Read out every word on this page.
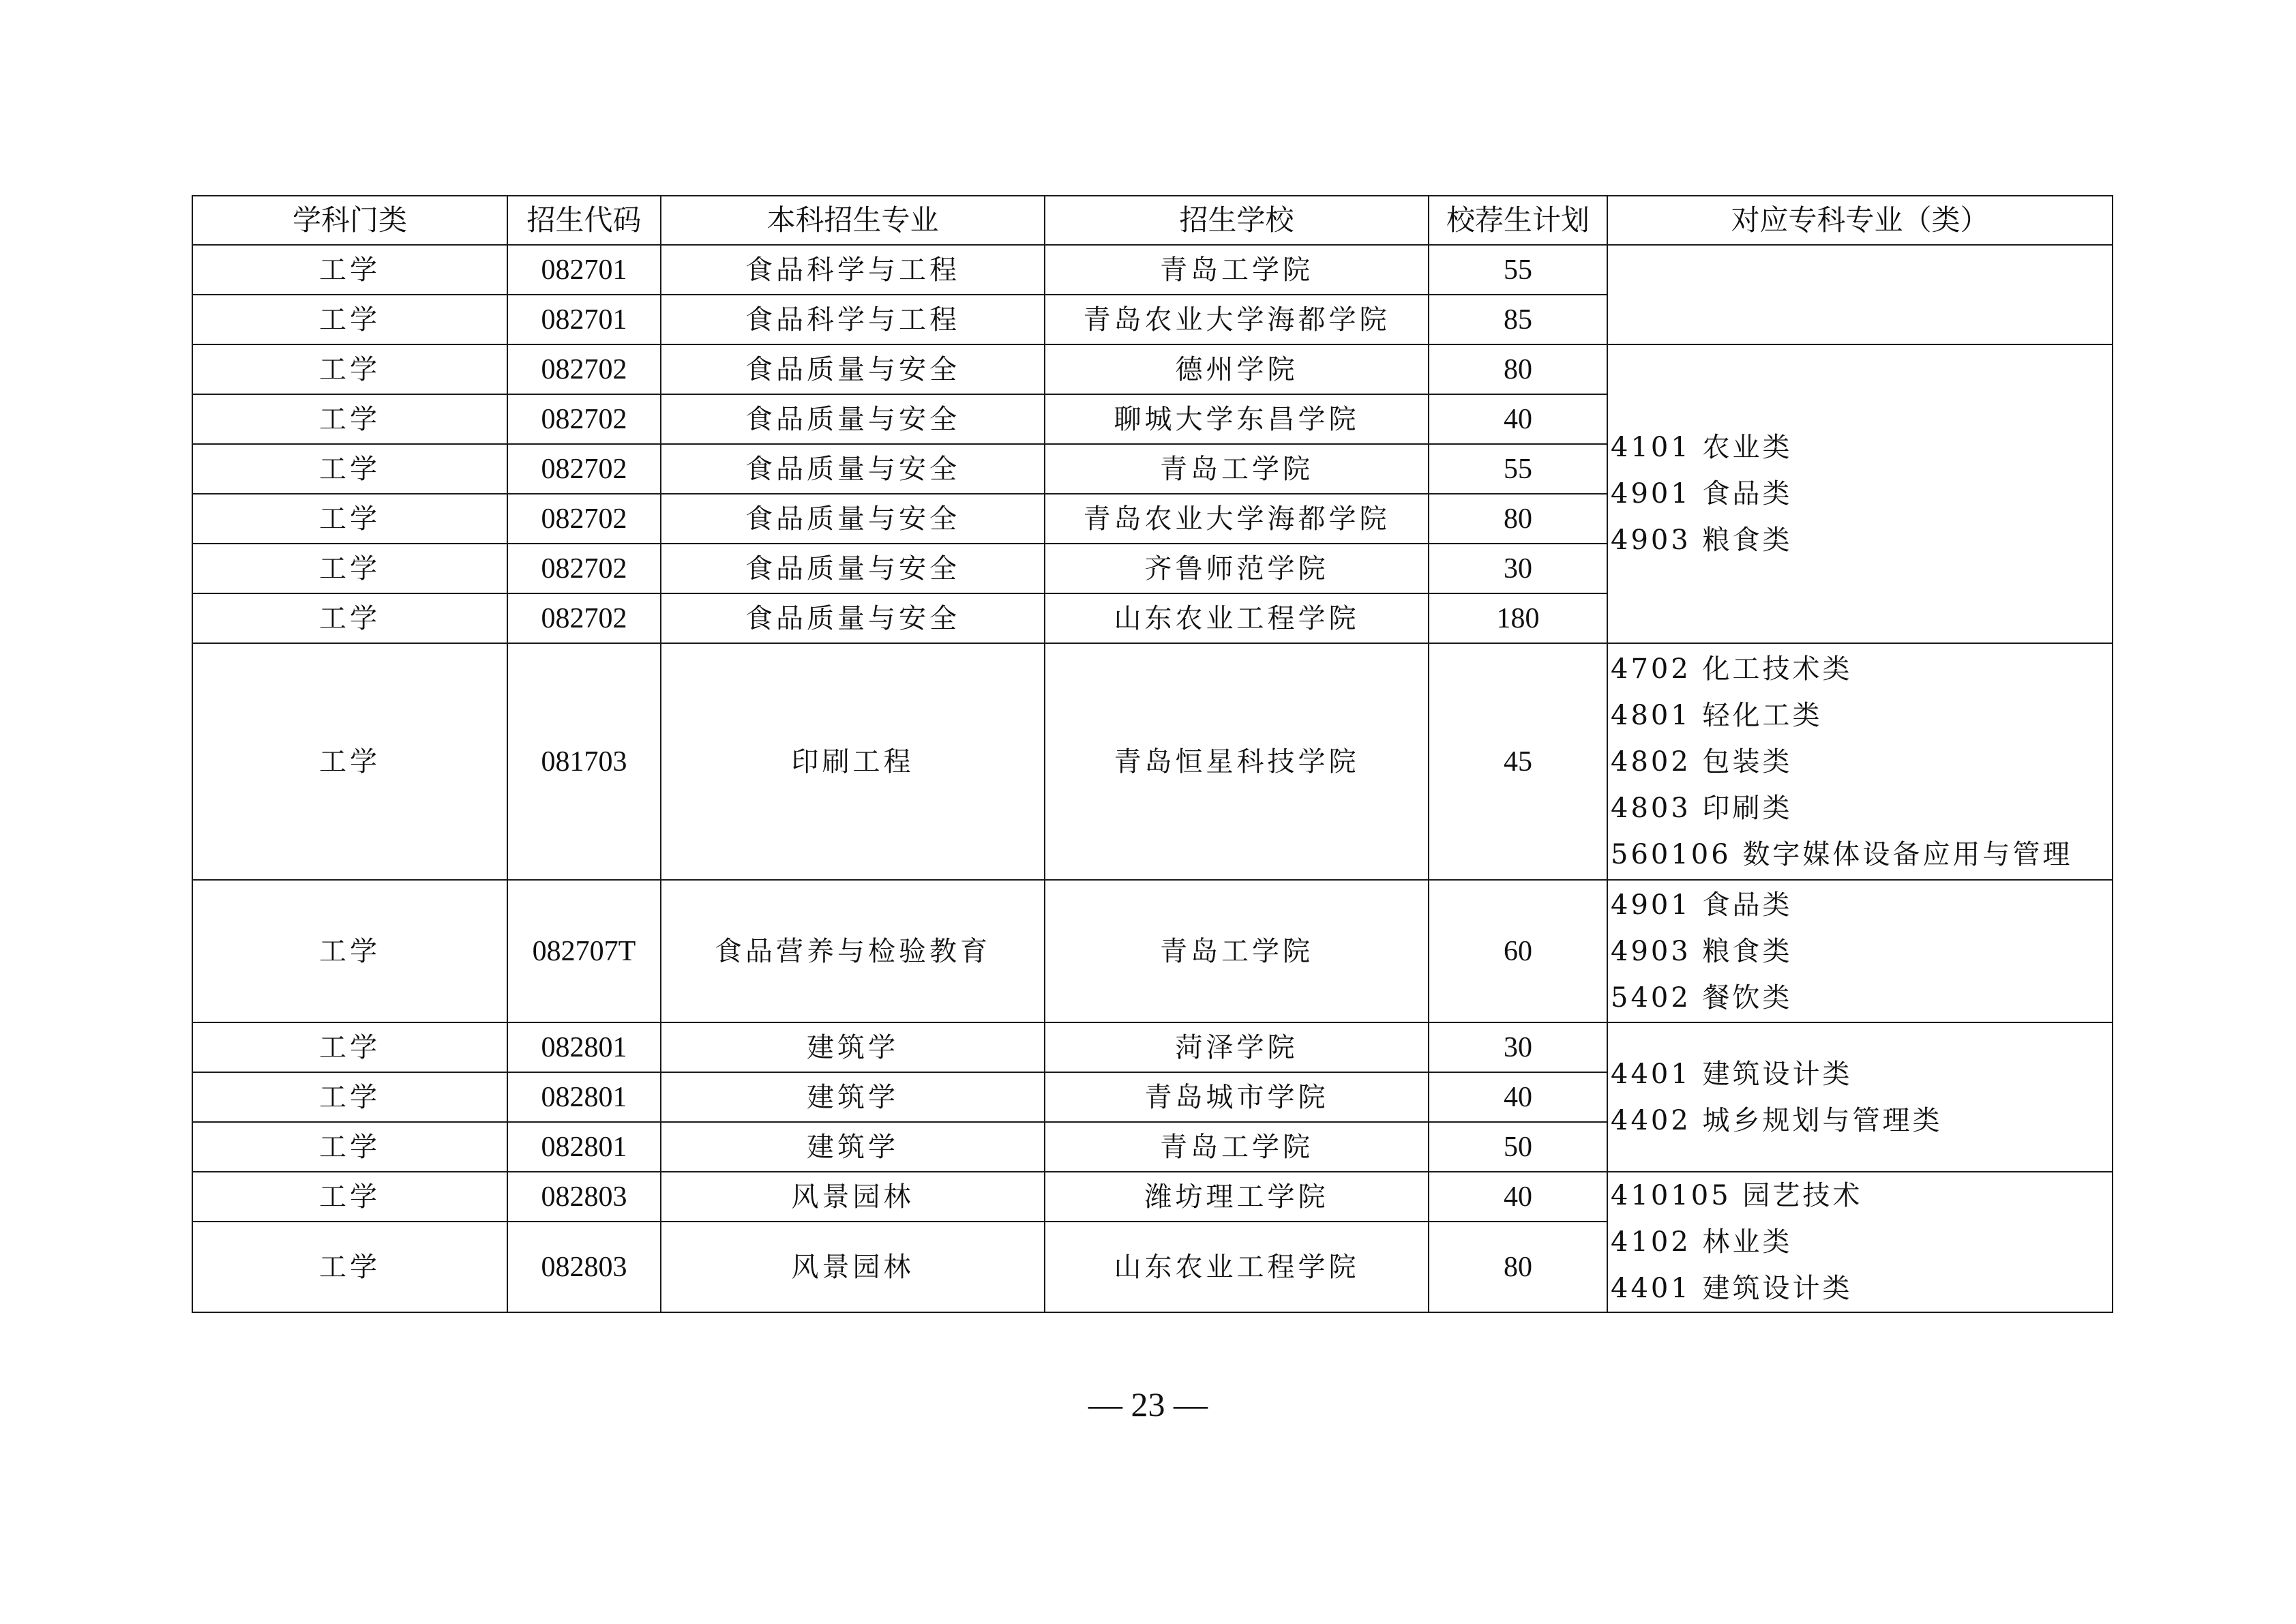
学科门类	招生代码	本科招生专业	招生学校	校荐生计划	对应专科专业（类）
工学	082701	食品科学与工程	青岛工学院	55	
工学	082701	食品科学与工程	青岛农业大学海都学院	85	
工学	082702	食品质量与安全	德州学院	80	4101 农业类
4901 食品类
4903 粮食类

工学	082702	食品质量与安全	聊城大学东昌学院	40	
工学	082702	食品质量与安全	青岛工学院	55	
工学	082702	食品质量与安全	青岛农业大学海都学院	80	
工学	082702	食品质量与安全	齐鲁师范学院	30	
工学	082702	食品质量与安全	山东农业工程学院	180	
工学	081703	印刷工程	青岛恒星科技学院	45	4702 化工技术类
4801 轻化工类
4802 包装类
4803 印刷类
560106 数字媒体设备应用与管理

工学	082707T	食品营养与检验教育	青岛工学院	60	4901 食品类
4903 粮食类
5402 餐饮类

工学	082801	建筑学	菏泽学院	30	4401 建筑设计类
4402 城乡规划与管理类

工学	082801	建筑学	青岛城市学院	40	
工学	082801	建筑学	青岛工学院	50	
工学	082803	风景园林	潍坊理工学院	40	410105 园艺技术
4102 林业类
4401 建筑设计类

工学	082803	风景园林	山东农业工程学院	80	
— 23 —
